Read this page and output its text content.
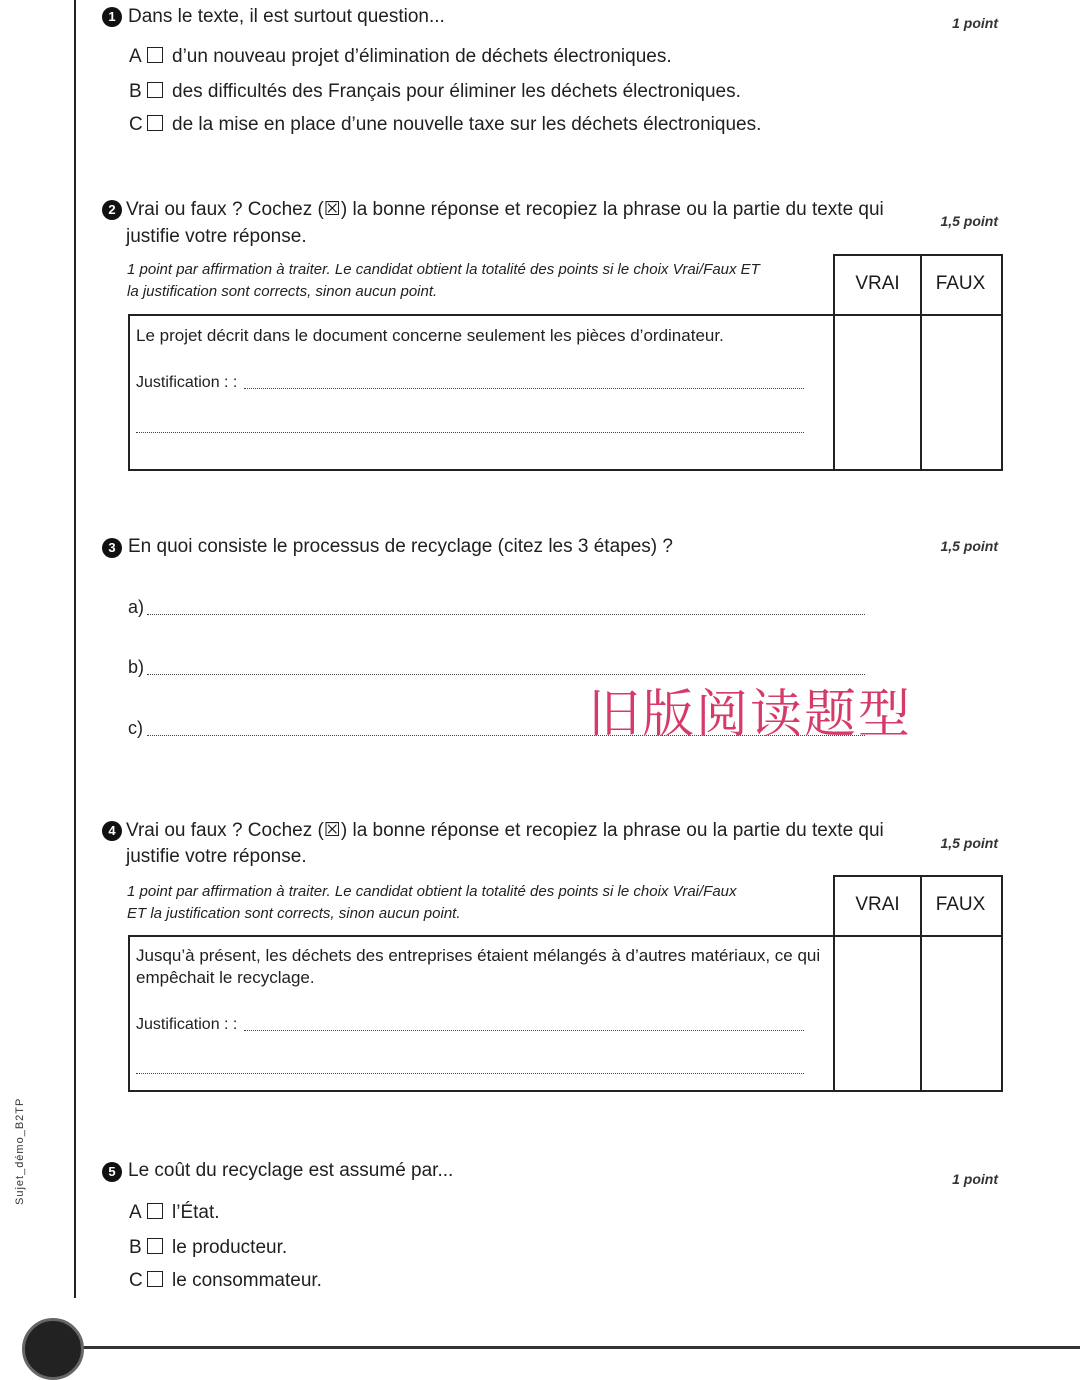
Sujet_démo_B2TP
1 Dans le texte, il est surtout question...	1 point
A d’un nouveau projet d’élimination de déchets électroniques.
B des difficultés des Français pour éliminer les déchets électroniques.
C de la mise en place d’une nouvelle taxe sur les déchets électroniques.
2 Vrai ou faux ? Cochez (☒) la bonne réponse et recopiez la phrase ou la partie du texte qui
justifie votre réponse.
1,5 point
1 point par affirmation à traiter. Le candidat obtient la totalité des points si le choix Vrai/Faux ET
la justification sont corrects, sinon aucun point.	VRAI	FAUX
Le projet décrit dans le document concerne seulement les pièces d’ordinateur.
Justification : :
3 En quoi consiste le processus de recyclage (citez les 3 étapes) ?	1,5 point
a)
b)
c)	旧版阅读题型
4 Vrai ou faux ? Cochez (☒) la bonne réponse et recopiez la phrase ou la partie du texte qui
justifie votre réponse.
1,5 point
1 point par affirmation à traiter. Le candidat obtient la totalité des points si le choix Vrai/Faux
ET la justification sont corrects, sinon aucun point.	VRAI	FAUX
Jusqu’à présent, les déchets des entreprises étaient mélangés à d’autres matériaux, ce qui
empêchait le recyclage.
Justification : :
5 Le coût du recyclage est assumé par...	1 point
A l’État.
B le producteur.
C le consommateur.
